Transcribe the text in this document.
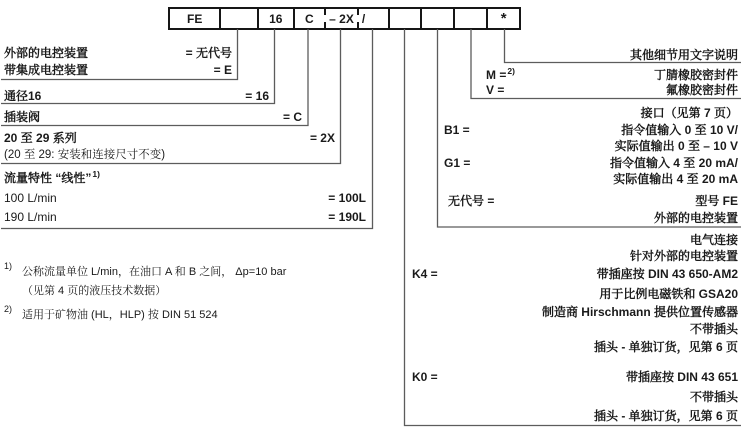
FE	16	C	– 2X /	*
外部的电控装置	= 无代号
带集成电控装置	= E
通径16	= 16
插装阀	= C
20 至 29 系列	= 2X
(20 至 29: 安装和连接尺寸不变)
流量特性 “线性”$^{1)}$
100 L/min	= 100L
190 L/min	= 190L
其他细节用文字说明
M =$^{2)}$	丁腈橡胶密封件
V =	氟橡胶密封件
接口（见第 7 页）
B1 =	指令值输入 0 至 10 V/
实际值输出 0 至 – 10 V
G1 =	指令值输入 4 至 20 mA/
实际值输出 4 至 20 mA
无代号 =	型号 FE
外部的电控装置
电气连接
针对外部的电控装置
K4 =	带插座按 DIN 43 650-AM2
用于比例电磁铁和 GSA20
制造商 Hirschmann 提供位置传感器
不带插头
插头 - 单独订货，见第 6 页
K0 =	带插座按 DIN 43 651
不带插头
插头 - 单独订货，见第 6 页
1) 公称流量单位 L/min，在油口 A 和 B 之间， Δp=10 bar
（见第 4 页的液压技术数据）
2) 适用于矿物油 (HL，HLP) 按 DIN 51 524
